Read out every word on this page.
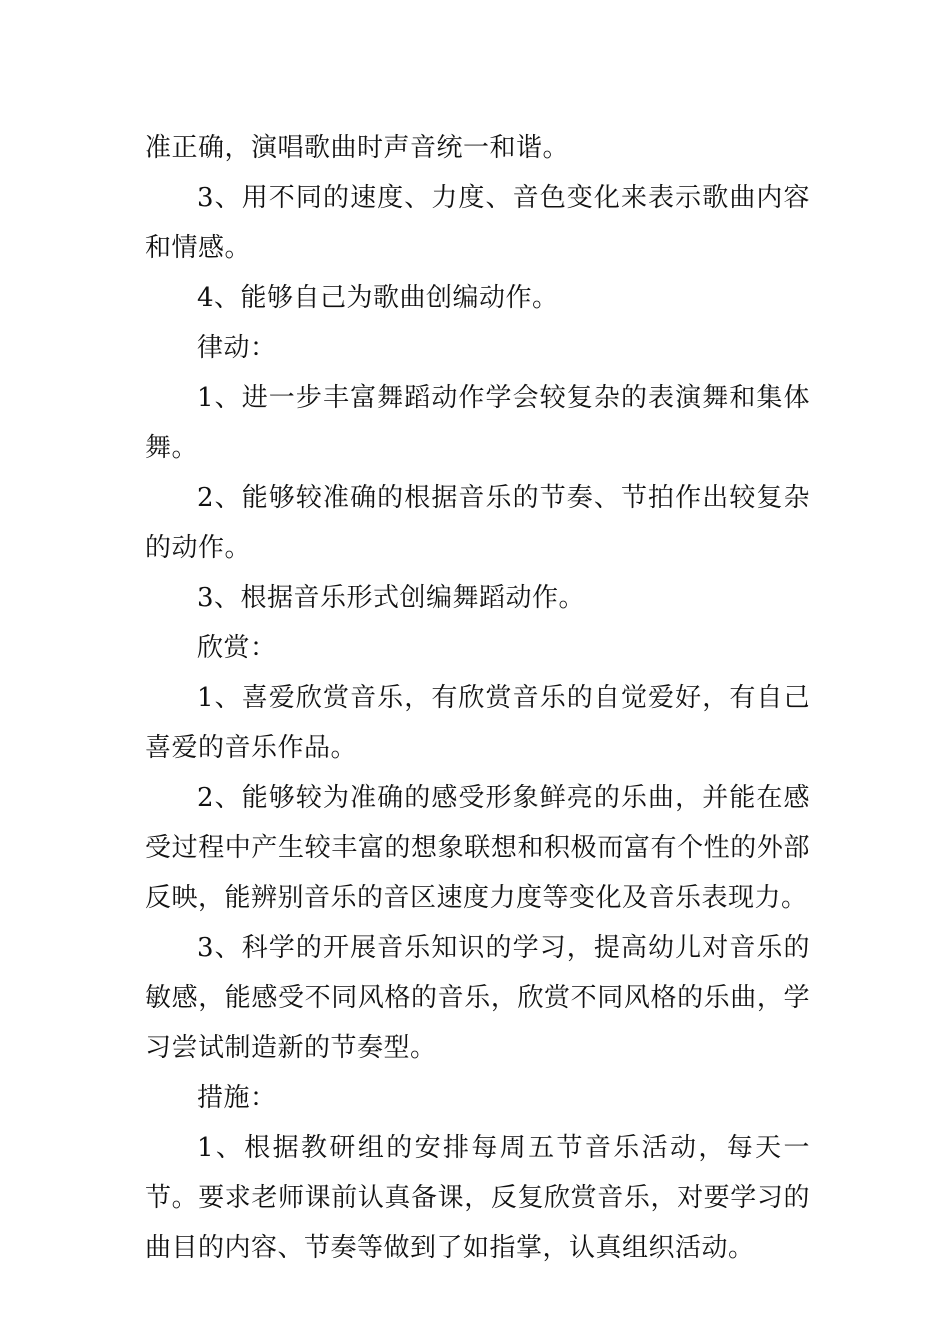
准正确，演唱歌曲时声音统一和谐。

3、用不同的速度、力度、音色变化来表示歌曲内容和情感。

4、能够自己为歌曲创编动作。

律动：

1、进一步丰富舞蹈动作学会较复杂的表演舞和集体舞。

2、能够较准确的根据音乐的节奏、节拍作出较复杂的动作。

3、根据音乐形式创编舞蹈动作。

欣赏：

1、喜爱欣赏音乐，有欣赏音乐的自觉爱好，有自己喜爱的音乐作品。

2、能够较为准确的感受形象鲜亮的乐曲，并能在感受过程中产生较丰富的想象联想和积极而富有个性的外部反映，能辨别音乐的音区速度力度等变化及音乐表现力。

3、科学的开展音乐知识的学习，提高幼儿对音乐的敏感，能感受不同风格的音乐，欣赏不同风格的乐曲，学习尝试制造新的节奏型。

措施：

1、根据教研组的安排每周五节音乐活动，每天一节。要求老师课前认真备课，反复欣赏音乐，对要学习的曲目的内容、节奏等做到了如指掌，认真组织活动。
